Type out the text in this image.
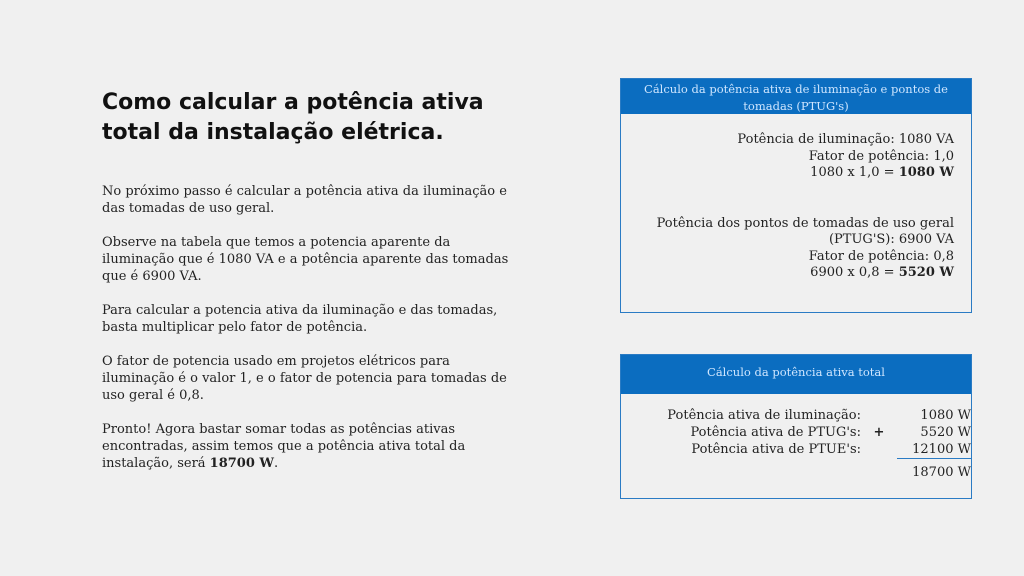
Como calcular a potência ativa total da instalação elétrica.

No próximo passo é calcular a potência ativa da iluminação e das tomadas de uso geral.

Observe na tabela que temos a potencia aparente da iluminação que é 1080 VA e a potência aparente das tomadas que é 6900 VA.

Para calcular a potencia ativa da iluminação e das tomadas, basta multiplicar pelo fator de potência.

O fator de potencia usado em projetos elétricos para iluminação é o valor 1, e o fator de potencia para tomadas de uso geral é 0,8.

Pronto! Agora bastar somar todas as potências ativas encontradas, assim temos que a potência ativa total da instalação, será 18700 W.

Cálculo da potência ativa de iluminação e pontos de tomadas (PTUG's)
Potência de iluminação: 1080 VA
Fator de potência: 1,0
1080 x 1,0 = 1080 W
Potência dos pontos de tomadas de uso geral
(PTUG'S): 6900 VA
Fator de potência: 0,8
6900 x 0,8 = 5520 W
Cálculo da potência ativa total
Potência ativa de iluminação:		1080 W
Potência ativa de PTUG's:	+	5520 W
Potência ativa de PTUE's:		12100 W
		18700 W
